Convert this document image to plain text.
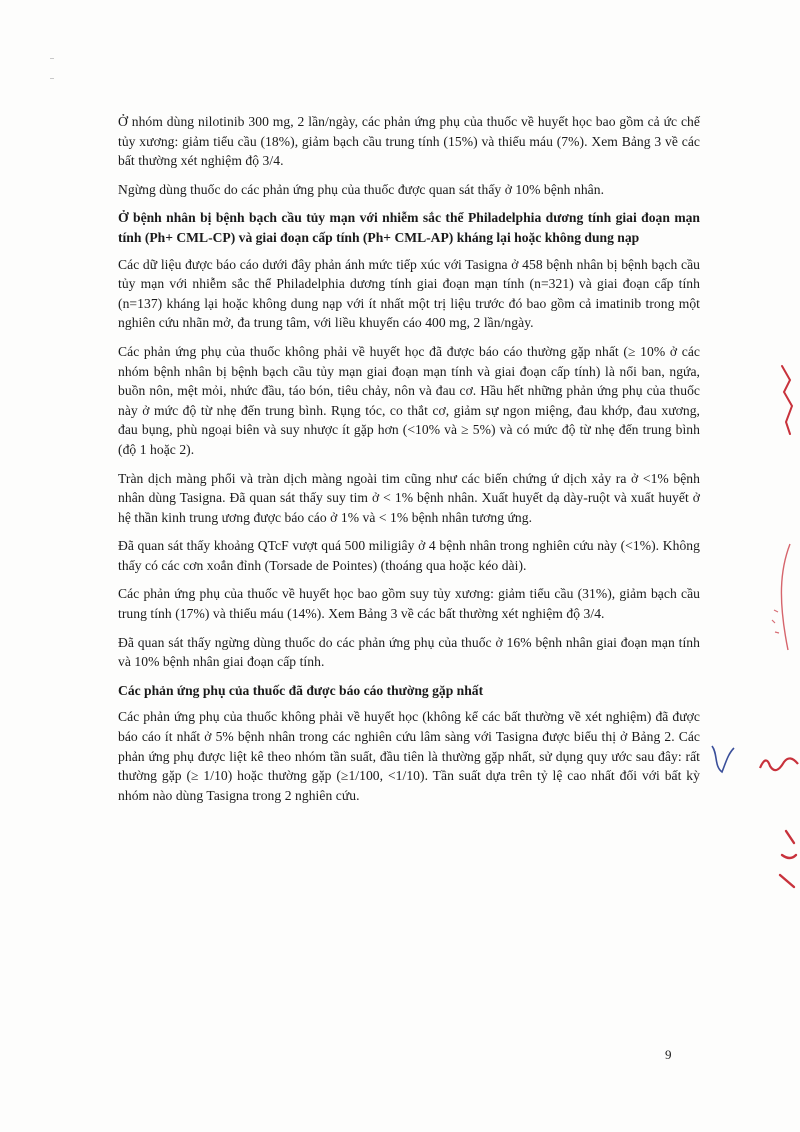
Ở nhóm dùng nilotinib 300 mg, 2 lần/ngày, các phản ứng phụ của thuốc về huyết học bao gồm cả ức chế tủy xương: giảm tiểu cầu (18%), giảm bạch cầu trung tính (15%) và thiếu máu (7%). Xem Bảng 3 về các bất thường xét nghiệm độ 3/4.

Ngừng dùng thuốc do các phản ứng phụ của thuốc được quan sát thấy ở 10% bệnh nhân.

Ở bệnh nhân bị bệnh bạch cầu tủy mạn với nhiễm sắc thể Philadelphia dương tính giai đoạn mạn tính (Ph+ CML-CP) và giai đoạn cấp tính (Ph+ CML-AP) kháng lại hoặc không dung nạp

Các dữ liệu được báo cáo dưới đây phản ánh mức tiếp xúc với Tasigna ở 458 bệnh nhân bị bệnh bạch cầu tủy mạn với nhiễm sắc thể Philadelphia dương tính giai đoạn mạn tính (n=321) và giai đoạn cấp tính (n=137) kháng lại hoặc không dung nạp với ít nhất một trị liệu trước đó bao gồm cả imatinib trong một nghiên cứu nhãn mở, đa trung tâm, với liều khuyến cáo 400 mg, 2 lần/ngày.

Các phản ứng phụ của thuốc không phải về huyết học đã được báo cáo thường gặp nhất (≥ 10% ở các nhóm bệnh nhân bị bệnh bạch cầu tủy mạn giai đoạn mạn tính và giai đoạn cấp tính) là nổi ban, ngứa, buồn nôn, mệt mỏi, nhức đầu, táo bón, tiêu chảy, nôn và đau cơ. Hầu hết những phản ứng phụ của thuốc này ở mức độ từ nhẹ đến trung bình. Rụng tóc, co thắt cơ, giảm sự ngon miệng, đau khớp, đau xương, đau bụng, phù ngoại biên và suy nhược ít gặp hơn (<10% và ≥ 5%) và có mức độ từ nhẹ đến trung bình (độ 1 hoặc 2).

Tràn dịch màng phổi và tràn dịch màng ngoài tim cũng như các biến chứng ứ dịch xảy ra ở <1% bệnh nhân dùng Tasigna. Đã quan sát thấy suy tim ở < 1% bệnh nhân. Xuất huyết dạ dày-ruột và xuất huyết ở hệ thần kinh trung ương được báo cáo ở 1% và < 1% bệnh nhân tương ứng.

Đã quan sát thấy khoảng QTcF vượt quá 500 miligiây ở 4 bệnh nhân trong nghiên cứu này (<1%). Không thấy có các cơn xoắn đỉnh (Torsade de Pointes) (thoáng qua hoặc kéo dài).

Các phản ứng phụ của thuốc về huyết học bao gồm suy tủy xương: giảm tiểu cầu (31%), giảm bạch cầu trung tính (17%) và thiếu máu (14%). Xem Bảng 3 về các bất thường xét nghiệm độ 3/4.

Đã quan sát thấy ngừng dùng thuốc do các phản ứng phụ của thuốc ở 16% bệnh nhân giai đoạn mạn tính và 10% bệnh nhân giai đoạn cấp tính.

Các phản ứng phụ của thuốc đã được báo cáo thường gặp nhất

Các phản ứng phụ của thuốc không phải về huyết học (không kể các bất thường về xét nghiệm) đã được báo cáo ít nhất ở 5% bệnh nhân trong các nghiên cứu lâm sàng với Tasigna được biểu thị ở Bảng 2. Các phản ứng phụ được liệt kê theo nhóm tần suất, đầu tiên là thường gặp nhất, sử dụng quy ước sau đây: rất thường gặp (≥ 1/10) hoặc thường gặp (≥1/100, <1/10). Tần suất dựa trên tỷ lệ cao nhất đối với bất kỳ nhóm nào dùng Tasigna trong 2 nghiên cứu.

9
